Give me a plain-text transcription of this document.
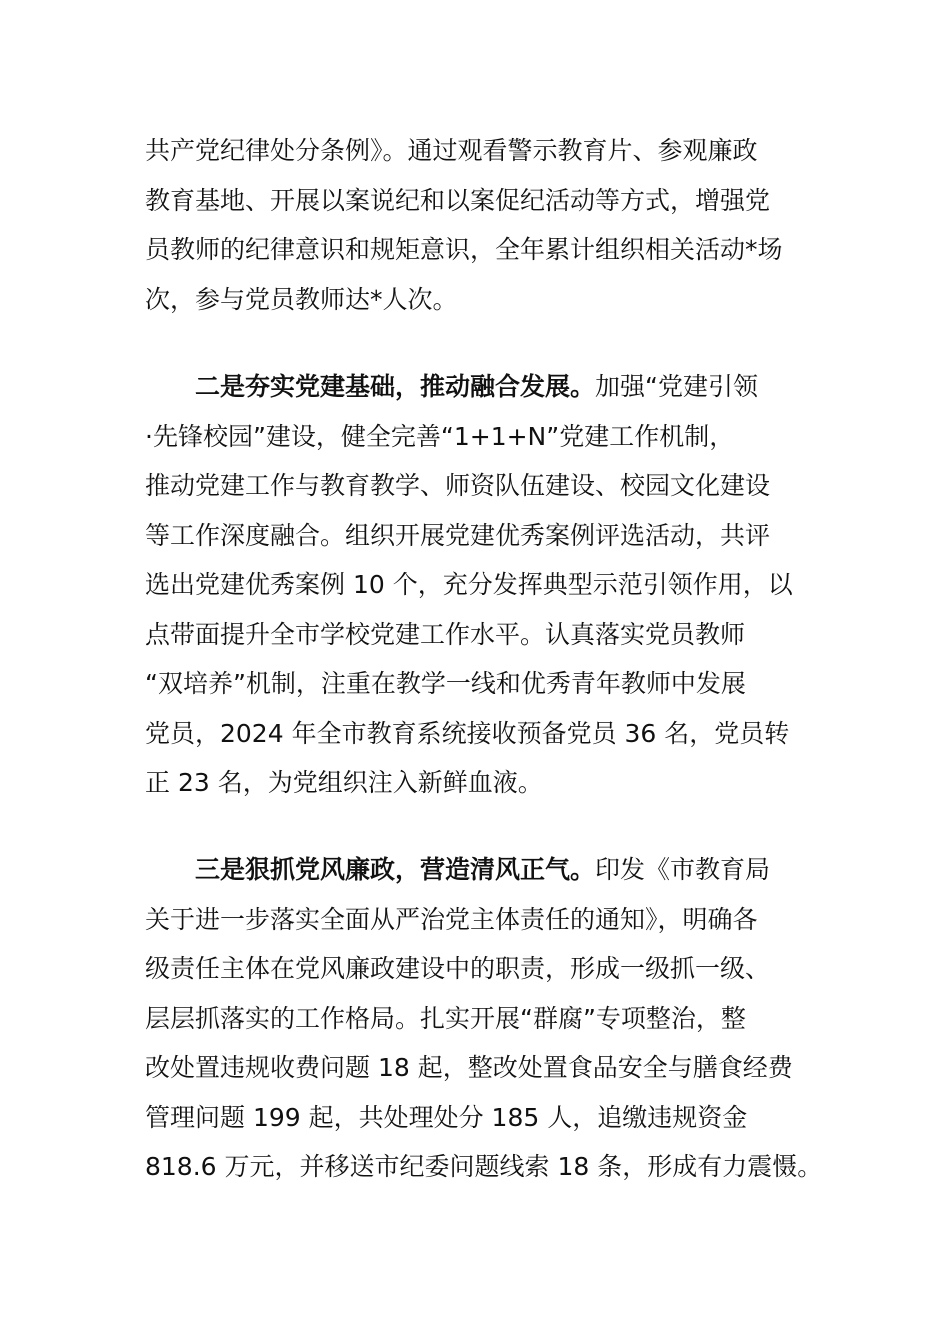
共产党纪律处分条例》。通过观看警示教育片、参观廉政
教育基地、开展以案说纪和以案促纪活动等方式，增强党
员教师的纪律意识和规矩意识，全年累计组织相关活动*场
次，参与党员教师达*人次。
二是夯实党建基础，推动融合发展。加强“党建引领
·先锋校园”建设，健全完善“1+1+N”党建工作机制，
推动党建工作与教育教学、师资队伍建设、校园文化建设
等工作深度融合。组织开展党建优秀案例评选活动，共评
选出党建优秀案例 10 个，充分发挥典型示范引领作用，以
点带面提升全市学校党建工作水平。认真落实党员教师
“双培养”机制，注重在教学一线和优秀青年教师中发展
党员，2024 年全市教育系统接收预备党员 36 名，党员转
正 23 名，为党组织注入新鲜血液。
三是狠抓党风廉政，营造清风正气。印发《市教育局
关于进一步落实全面从严治党主体责任的通知》，明确各
级责任主体在党风廉政建设中的职责，形成一级抓一级、
层层抓落实的工作格局。扎实开展“群腐”专项整治，整
改处置违规收费问题 18 起，整改处置食品安全与膳食经费
管理问题 199 起，共处理处分 185 人，追缴违规资金
818.6 万元，并移送市纪委问题线索 18 条，形成有力震慑。
